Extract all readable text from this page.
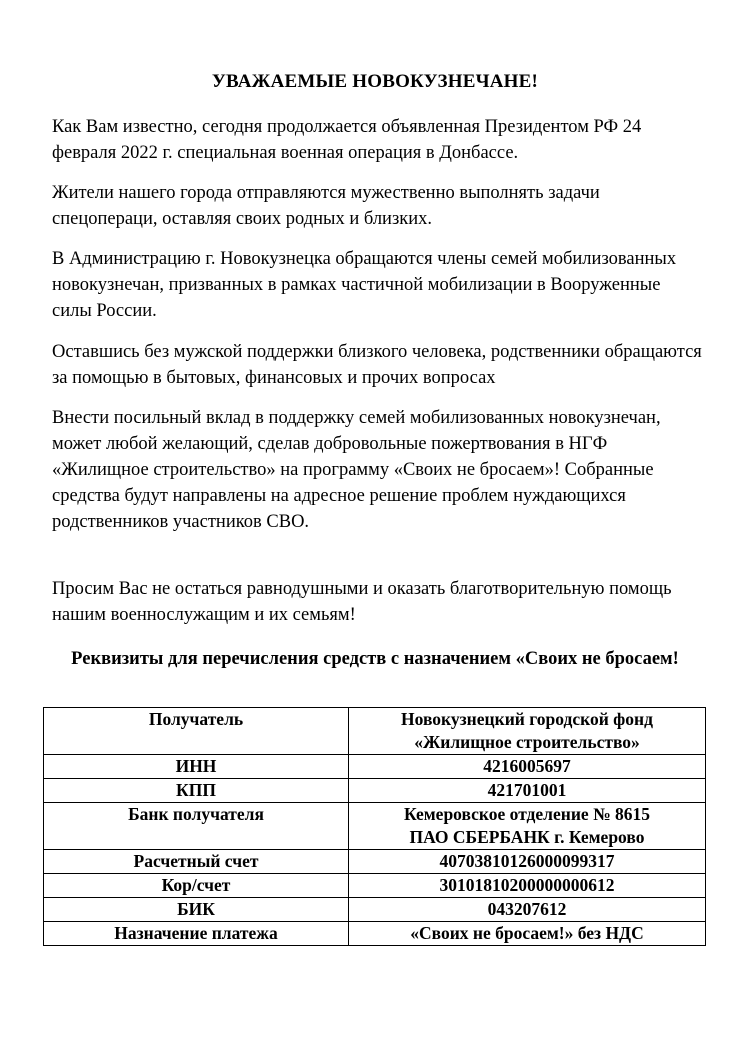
УВАЖАЕМЫЕ НОВОКУЗНЕЧАНЕ!

Как Вам известно, сегодня продолжается объявленная Президентом РФ 24 февраля 2022 г. специальная военная операция в Донбассе.

Жители нашего города отправляются мужественно выполнять задачи спецопераци, оставляя своих родных и близких.

В Администрацию г. Новокузнецка обращаются члены семей мобилизованных новокузнечан, призванных в рамках частичной мобилизации в Вооруженные силы России.

Оставшись без мужской поддержки близкого человека, родственники обращаются за помощью в бытовых, финансовых и прочих вопросах

Внести посильный вклад в поддержку семей мобилизованных новокузнечан, может любой желающий, сделав добровольные пожертвования в НГФ «Жилищное строительство» на программу «Своих не бросаем»! Собранные средства будут направлены на адресное решение проблем нуждающихся родственников участников СВО.

Просим Вас не остаться равнодушными и оказать благотворительную помощь нашим военнослужащим и их семьям!

Реквизиты для перечисления средств с назначением «Своих не бросаем!

Получатель	Новокузнецкий городской фонд
«Жилищное строительство»

ИНН	4216005697
КПП	421701001
Банк получателя	Кемеровское отделение № 8615
ПАО СБЕРБАНК г. Кемерово

Расчетный счет	40703810126000099317
Кор/счет	30101810200000000612
БИК	043207612
Назначение платежа	«Своих не бросаем!» без НДС
